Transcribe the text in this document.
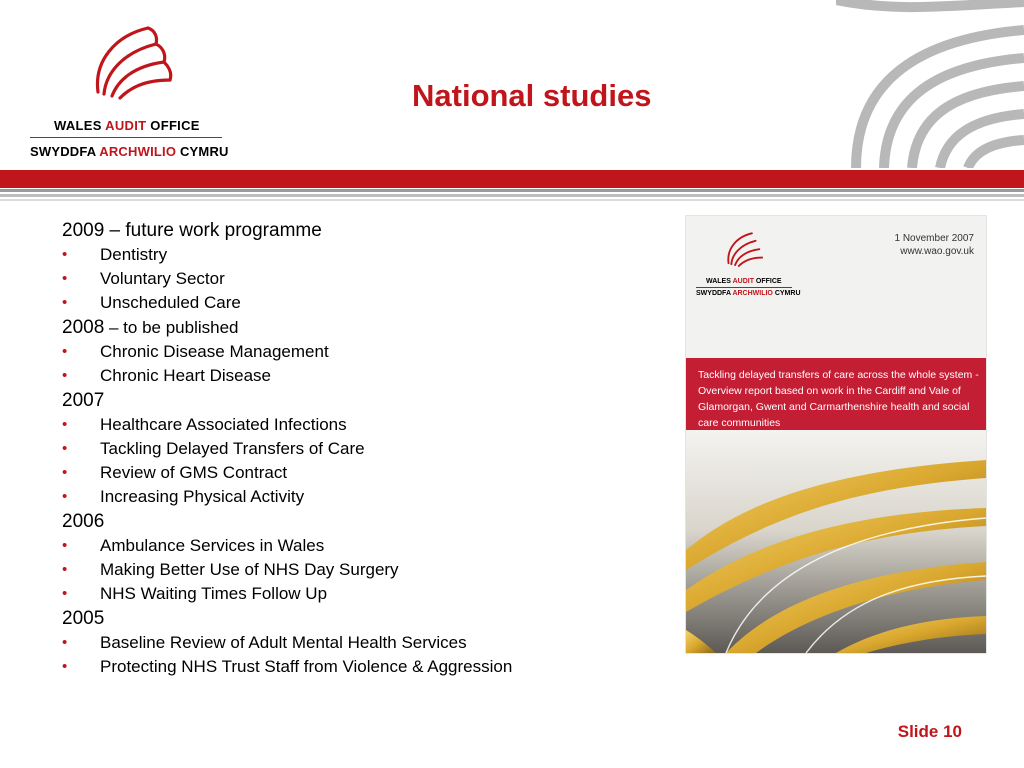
WALES AUDIT OFFICE
SWYDDFA ARCHWILIO CYMRU
National studies
2009 – future work programme
• Dentistry
• Voluntary Sector
• Unscheduled Care
2008 – to be published
• Chronic Disease Management
• Chronic Heart Disease
2007
• Healthcare Associated Infections
• Tackling Delayed Transfers of Care
• Review of GMS Contract
• Increasing Physical Activity
2006
• Ambulance Services in Wales
• Making Better Use of NHS Day Surgery
• NHS Waiting Times Follow Up
2005
• Baseline Review of Adult Mental Health Services
• Protecting NHS Trust Staff from Violence & Aggression
WALES AUDIT OFFICE
SWYDDFA ARCHWILIO CYMRU
1 November 2007
www.wao.gov.uk
Tackling delayed transfers of care across the whole system - Overview report based on work in the Cardiff and Vale of Glamorgan, Gwent and Carmarthenshire health and social care communities
Slide 10
